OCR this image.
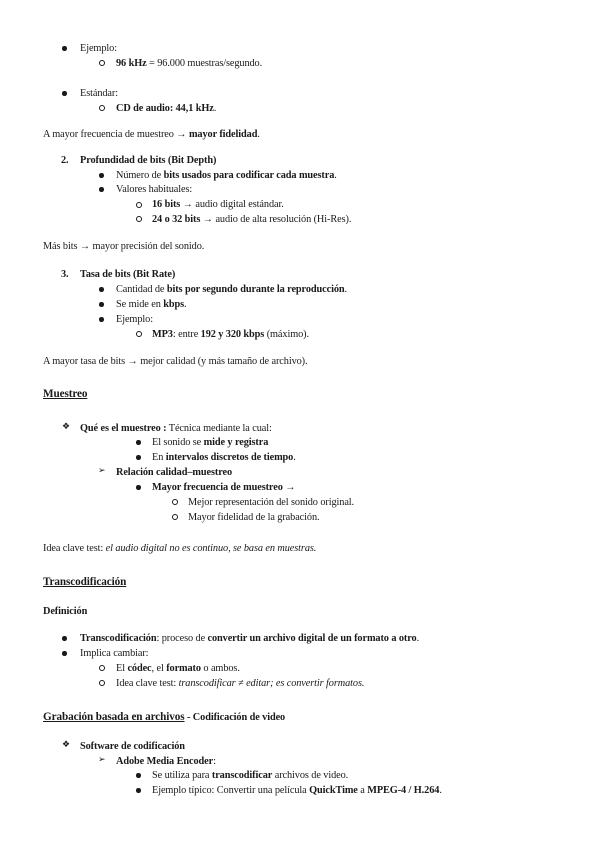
Ejemplo:
96 kHz = 96.000 muestras/segundo.
Estándar:
CD de audio: 44,1 kHz.
A mayor frecuencia de muestreo → mayor fidelidad.
2. Profundidad de bits (Bit Depth)
Número de bits usados para codificar cada muestra.
Valores habituales:
16 bits → audio digital estándar.
24 o 32 bits → audio de alta resolución (Hi-Res).
Más bits → mayor precisión del sonido.
3. Tasa de bits (Bit Rate)
Cantidad de bits por segundo durante la reproducción.
Se mide en kbps.
Ejemplo:
MP3: entre 192 y 320 kbps (máximo).
A mayor tasa de bits → mejor calidad (y más tamaño de archivo).
Muestreo
❖ Qué es el muestreo : Técnica mediante la cual:
El sonido se mide y registra
En intervalos discretos de tiempo.
➢ Relación calidad–muestreo
Mayor frecuencia de muestreo →
Mejor representación del sonido original.
Mayor fidelidad de la grabación.
Idea clave test: el audio digital no es continuo, se basa en muestras.
Transcodificación
Definición
Transcodificación: proceso de convertir un archivo digital de un formato a otro.
Implica cambiar:
El códec, el formato o ambos.
Idea clave test: transcodificar ≠ editar; es convertir formatos.
Grabación basada en archivos - Codificación de video
❖ Software de codificación
➢ Adobe Media Encoder:
Se utiliza para transcodificar archivos de video.
Ejemplo típico: Convertir una película QuickTime a MPEG-4 / H.264.
